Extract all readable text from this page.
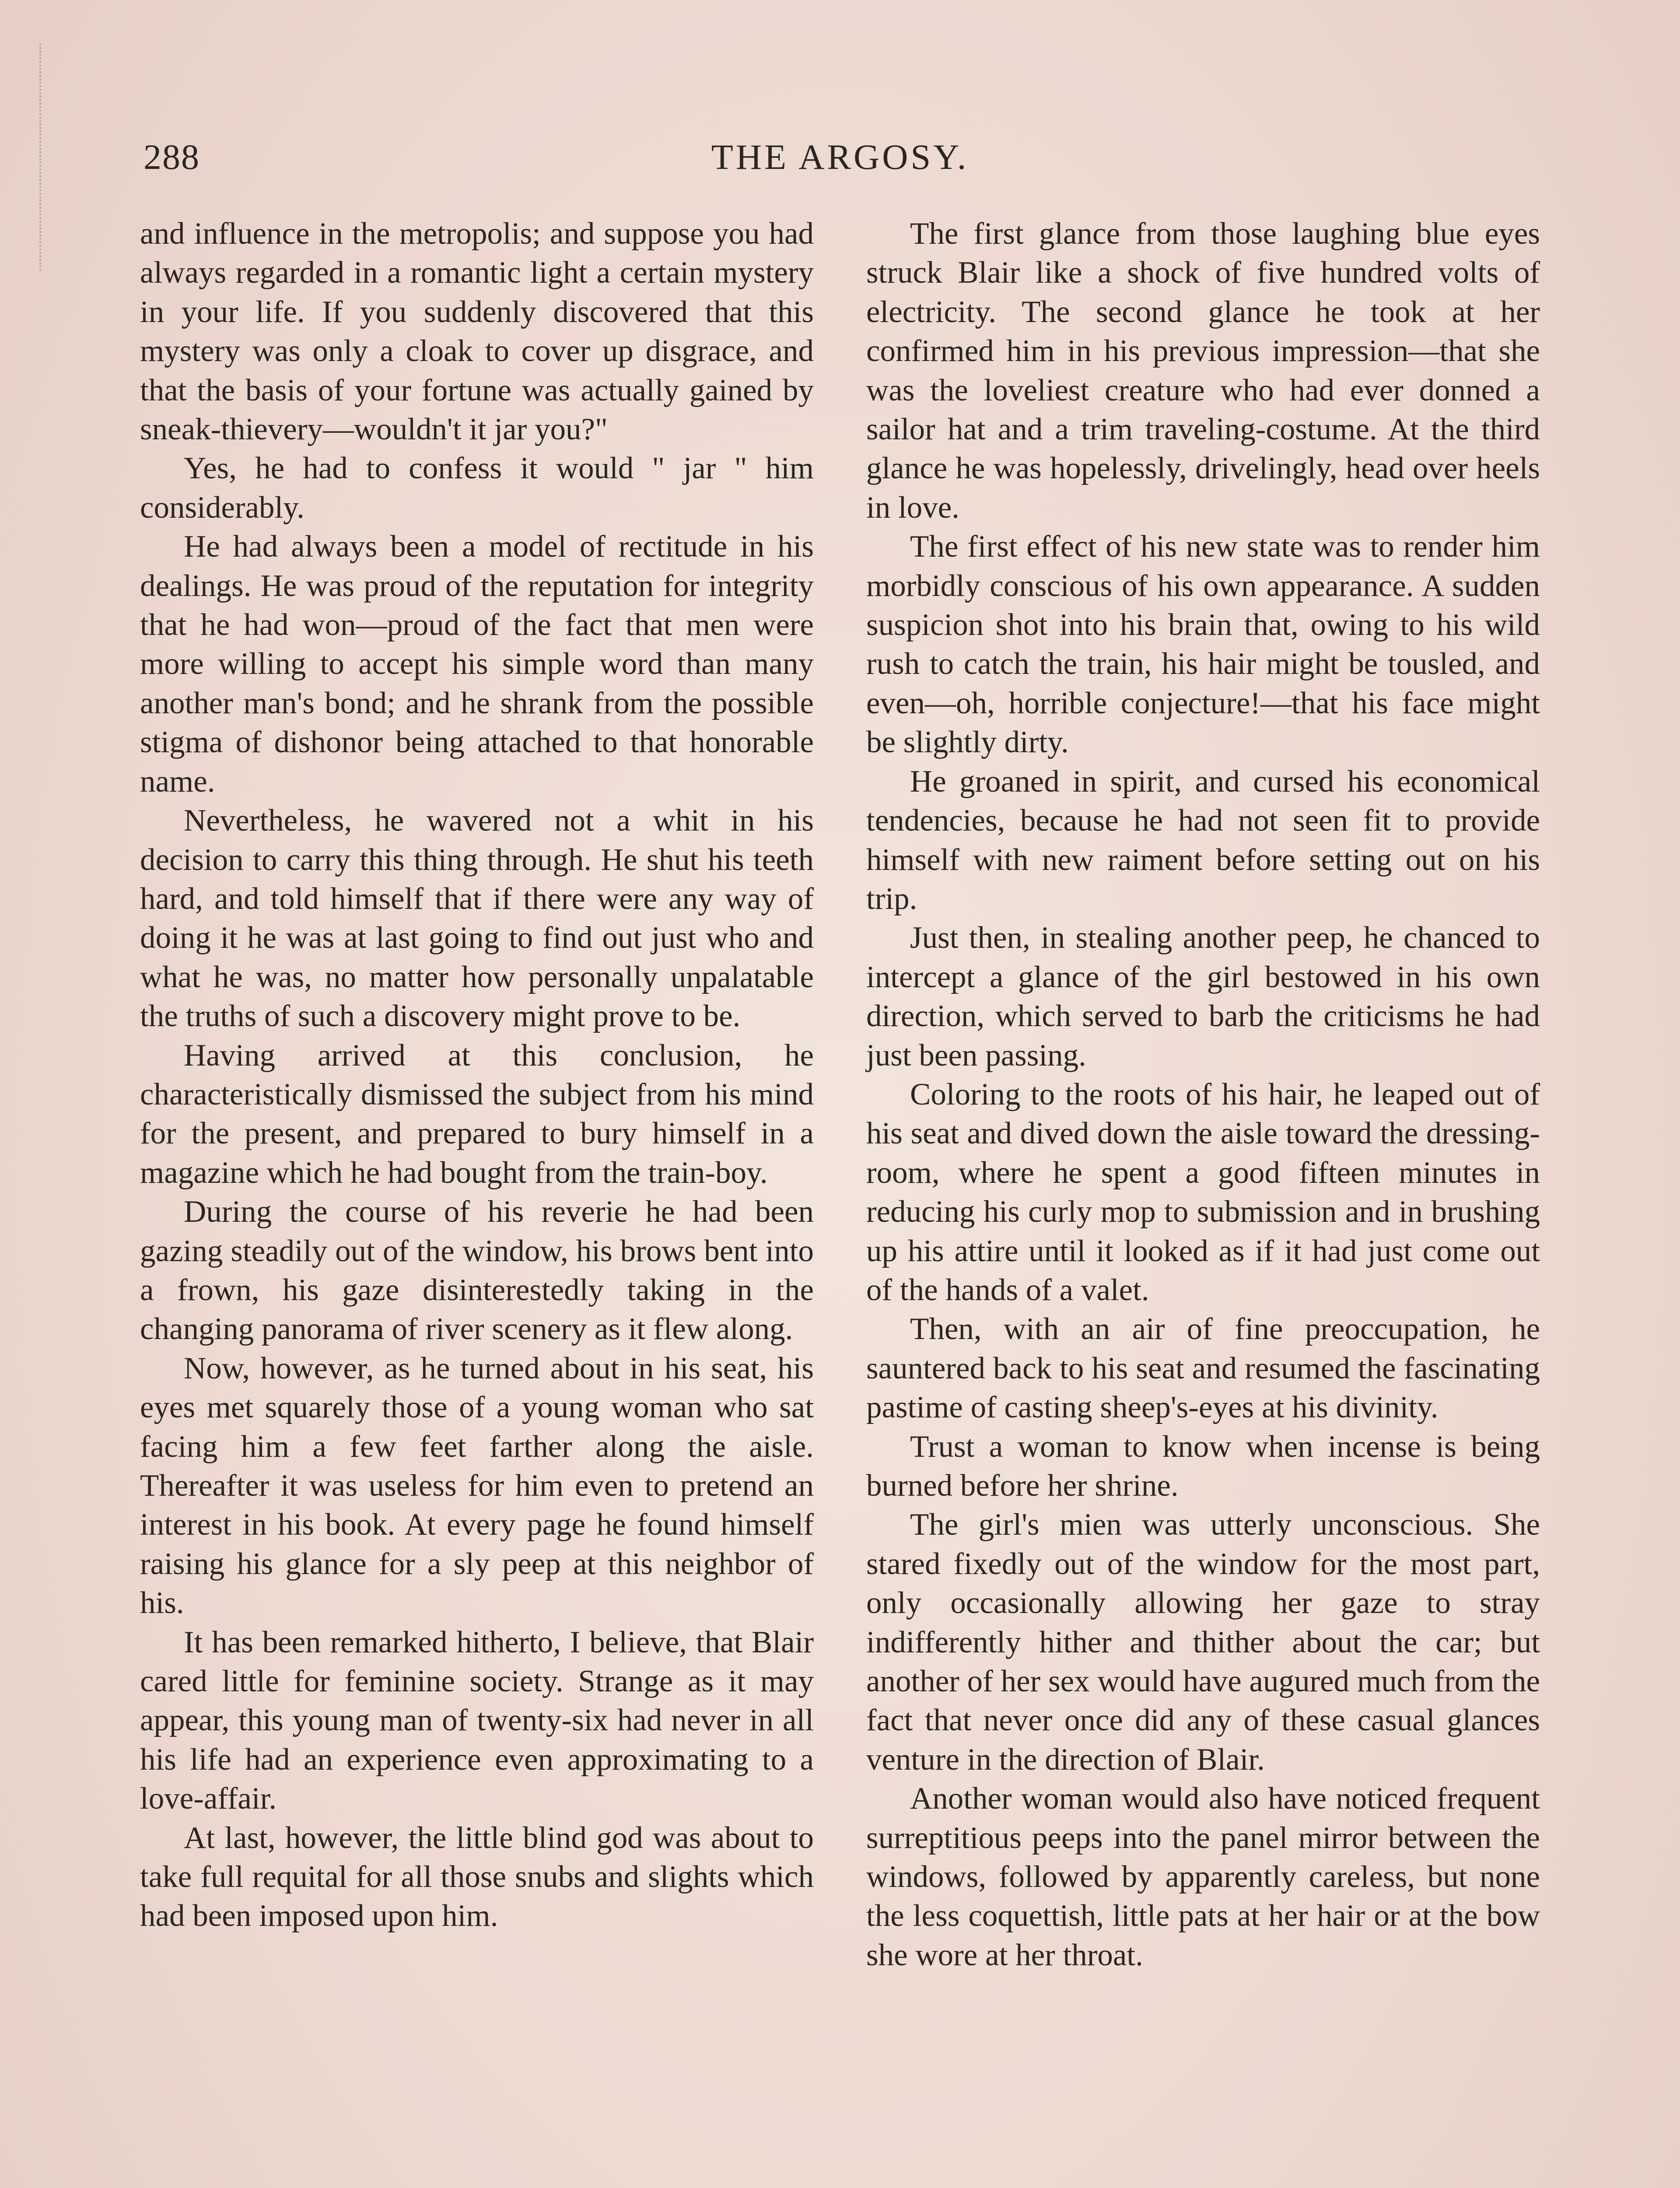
288	THE ARGOSY.

and influence in the metropolis; and suppose you had always regarded in a romantic light a certain mystery in your life. If you suddenly discovered that this mystery was only a cloak to cover up disgrace, and that the basis of your fortune was actually gained by sneak-thievery—wouldn't it jar you?"

Yes, he had to confess it would " jar " him considerably.

He had always been a model of rectitude in his dealings. He was proud of the reputation for integrity that he had won—proud of the fact that men were more willing to accept his simple word than many another man's bond; and he shrank from the possible stigma of dishonor being attached to that honorable name.

Nevertheless, he wavered not a whit in his decision to carry this thing through. He shut his teeth hard, and told himself that if there were any way of doing it he was at last going to find out just who and what he was, no matter how personally unpalatable the truths of such a discovery might prove to be.

Having arrived at this conclusion, he characteristically dismissed the subject from his mind for the present, and prepared to bury himself in a magazine which he had bought from the train-boy.

During the course of his reverie he had been gazing steadily out of the window, his brows bent into a frown, his gaze disinterestedly taking in the changing panorama of river scenery as it flew along.

Now, however, as he turned about in his seat, his eyes met squarely those of a young woman who sat facing him a few feet farther along the aisle. Thereafter it was useless for him even to pretend an interest in his book. At every page he found himself raising his glance for a sly peep at this neighbor of his.

It has been remarked hitherto, I believe, that Blair cared little for feminine society. Strange as it may appear, this young man of twenty-six had never in all his life had an experience even approximating to a love-affair.

At last, however, the little blind god was about to take full requital for all those snubs and slights which had been imposed upon him.

The first glance from those laughing blue eyes struck Blair like a shock of five hundred volts of electricity. The second glance he took at her confirmed him in his previous impression—that she was the loveliest creature who had ever donned a sailor hat and a trim traveling-costume. At the third glance he was hopelessly, drivelingly, head over heels in love.

The first effect of his new state was to render him morbidly conscious of his own appearance. A sudden suspicion shot into his brain that, owing to his wild rush to catch the train, his hair might be tousled, and even—oh, horrible conjecture!—that his face might be slightly dirty.

He groaned in spirit, and cursed his economical tendencies, because he had not seen fit to provide himself with new raiment before setting out on his trip.

Just then, in stealing another peep, he chanced to intercept a glance of the girl bestowed in his own direction, which served to barb the criticisms he had just been passing.

Coloring to the roots of his hair, he leaped out of his seat and dived down the aisle toward the dressing-room, where he spent a good fifteen minutes in reducing his curly mop to submission and in brushing up his attire until it looked as if it had just come out of the hands of a valet.

Then, with an air of fine preoccupation, he sauntered back to his seat and resumed the fascinating pastime of casting sheep's-eyes at his divinity.

Trust a woman to know when incense is being burned before her shrine.

The girl's mien was utterly unconscious. She stared fixedly out of the window for the most part, only occasionally allowing her gaze to stray indifferently hither and thither about the car; but another of her sex would have augured much from the fact that never once did any of these casual glances venture in the direction of Blair.

Another woman would also have noticed frequent surreptitious peeps into the panel mirror between the windows, followed by apparently careless, but none the less coquettish, little pats at her hair or at the bow she wore at her throat.
